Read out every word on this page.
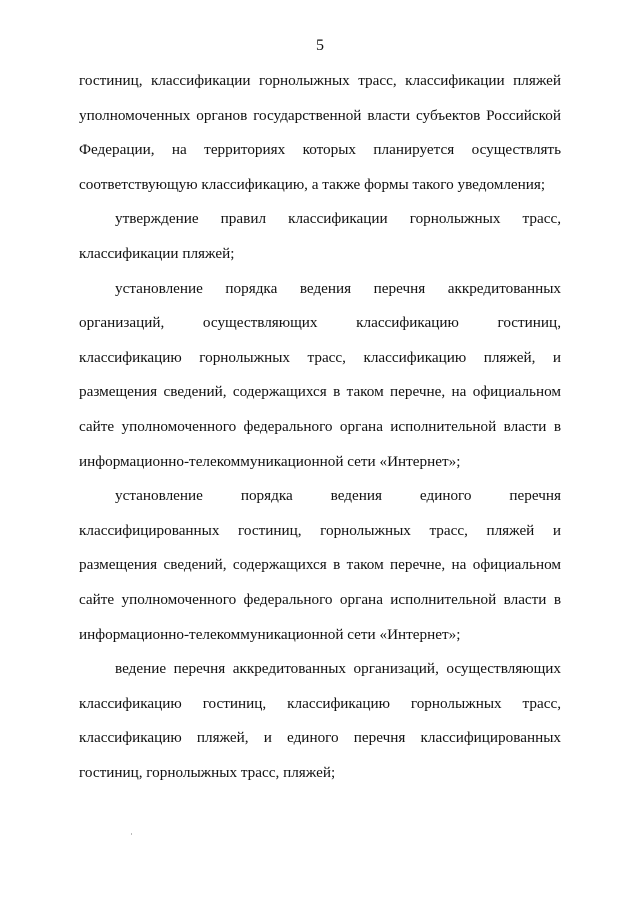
5

гостиниц, классификации горнолыжных трасс, классификации пляжей уполномоченных органов государственной власти субъектов Российской Федерации, на территориях которых планируется осуществлять соответствующую классификацию, а также формы такого уведомления;

утверждение правил классификации горнолыжных трасс, классификации пляжей;

установление порядка ведения перечня аккредитованных организаций, осуществляющих классификацию гостиниц, классификацию горнолыжных трасс, классификацию пляжей, и размещения сведений, содержащихся в таком перечне, на официальном сайте уполномоченного федерального органа исполнительной власти в информационно-телекоммуникационной сети «Интернет»;

установление порядка ведения единого перечня классифицированных гостиниц, горнолыжных трасс, пляжей и размещения сведений, содержащихся в таком перечне, на официальном сайте уполномоченного федерального органа исполнительной власти в информационно-телекоммуникационной сети «Интернет»;

ведение перечня аккредитованных организаций, осуществляющих классификацию гостиниц, классификацию горнолыжных трасс, классификацию пляжей, и единого перечня классифицированных гостиниц, горнолыжных трасс, пляжей;
